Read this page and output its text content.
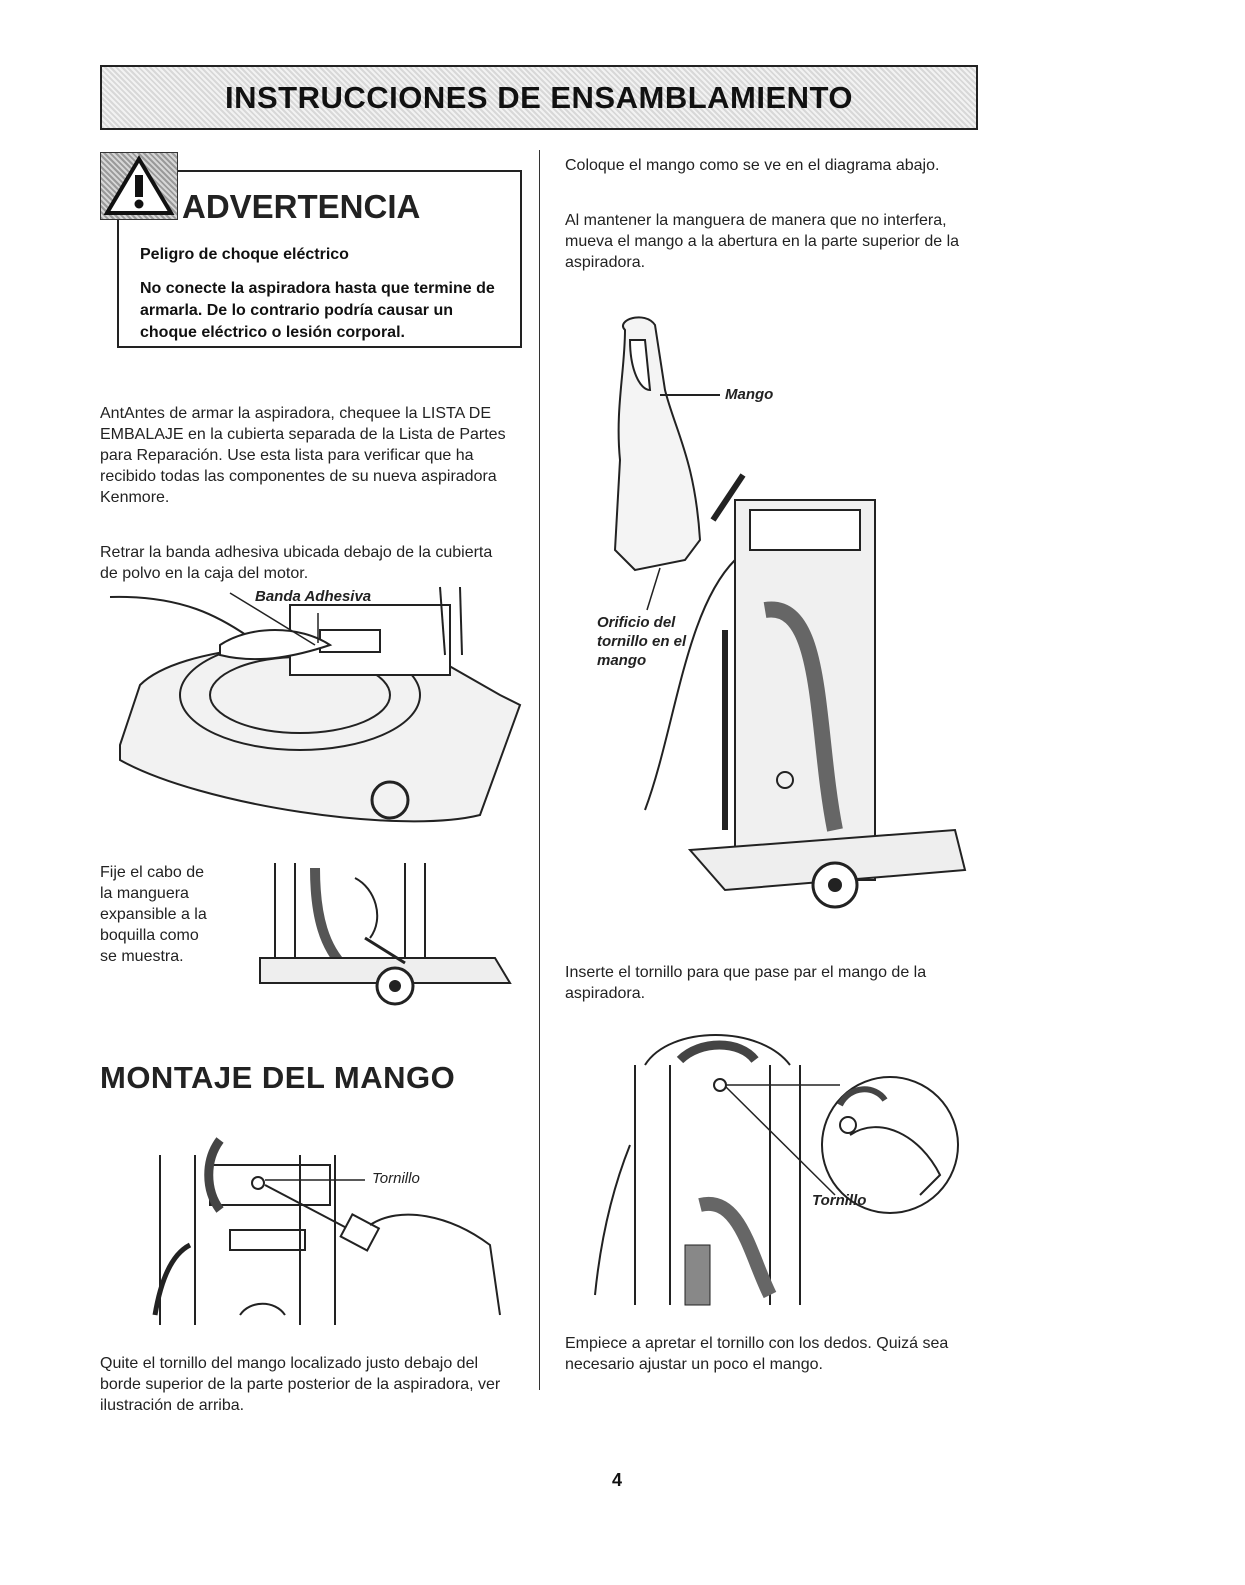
INSTRUCCIONES DE ENSAMBLAMIENTO
ADVERTENCIA
Peligro de choque eléctrico
No conecte la aspiradora hasta que termine de armarla. De lo contrario podría causar un choque eléctrico o lesión corporal.
AntAntes de armar la aspiradora, chequee la LISTA DE EMBALAJE en la cubierta separada de la Lista de Partes para Reparación. Use esta lista para verificar que ha recibido todas las componentes de su nueva aspiradora Kenmore.
Retrar la banda adhesiva ubicada debajo de la cubierta de polvo en la caja del motor.
Banda Adhesiva
Fije el cabo de la manguera expansible a la boquilla como se muestra.
MONTAJE DEL MANGO
Tornillo
Quite el tornillo del mango localizado justo debajo del borde superior de la parte posterior de la aspiradora, ver ilustración de arriba.
Coloque el mango como se ve en el diagrama abajo.
Al mantener la manguera de manera que no interfera, mueva el mango a la abertura en la parte superior de la aspiradora.
Mango
Orificio del tornillo en el mango
Inserte el tornillo para que pase par el mango de la aspiradora.
Tornillo
Empiece a apretar el tornillo con los dedos. Quizá sea necesario ajustar un poco el mango.
4
